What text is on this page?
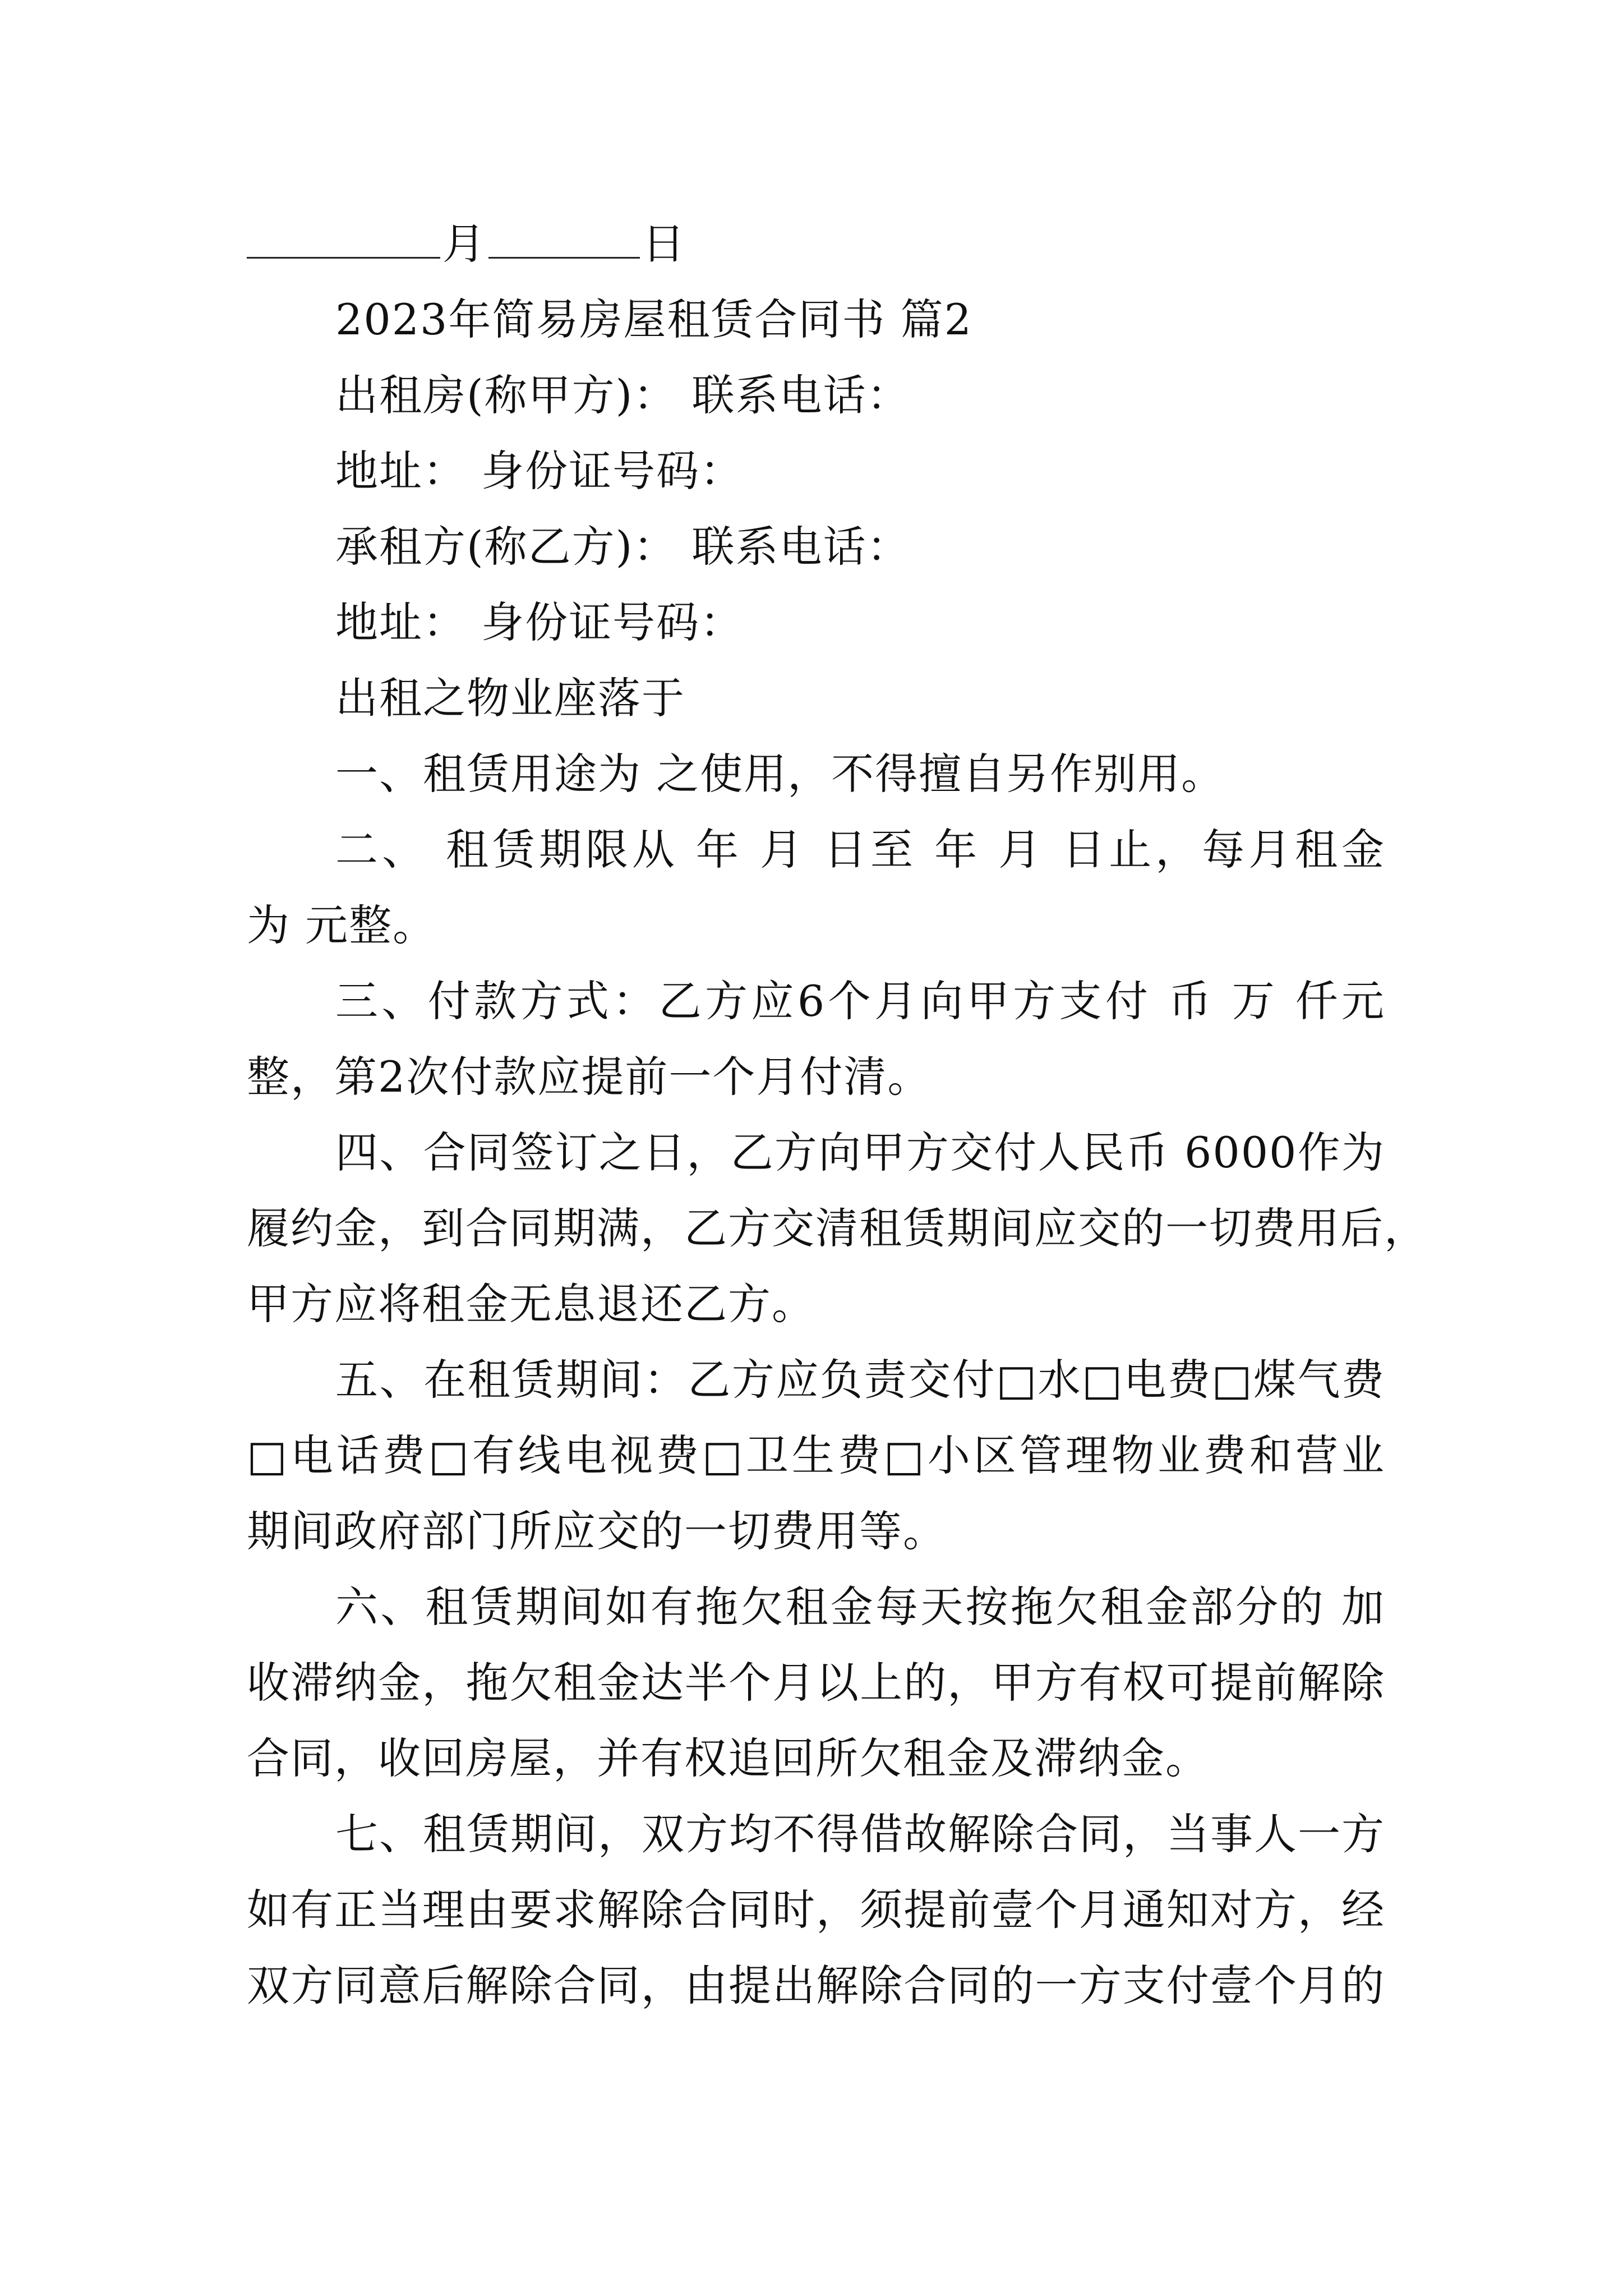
月	日
2023年简易房屋租赁合同书 篇2
出租房(称甲方)： 联系电话：
地址： 身份证号码：
承租方(称乙方)： 联系电话：
地址： 身份证号码：
出租之物业座落于
一、租赁用途为 之使用，不得擅自另作别用。
二、 租赁期限从 年 月 日至 年 月 日止，每月租金
为 元整。
三、付款方式：乙方应6个月向甲方支付 币 万 仟元
整，第2次付款应提前一个月付清。
四、合同签订之日，乙方向甲方交付人民币 6000作为
履约金，到合同期满，乙方交清租赁期间应交的一切费用后，
甲方应将租金无息退还乙方。
五、在租赁期间：乙方应负责交付□水□电费□煤气费
□电话费□有线电视费□卫生费□小区管理物业费和营业
期间政府部门所应交的一切费用等。
六、租赁期间如有拖欠租金每天按拖欠租金部分的 加
收滞纳金，拖欠租金达半个月以上的，甲方有权可提前解除
合同，收回房屋，并有权追回所欠租金及滞纳金。
七、租赁期间，双方均不得借故解除合同，当事人一方
如有正当理由要求解除合同时，须提前壹个月通知对方，经
双方同意后解除合同，由提出解除合同的一方支付壹个月的
